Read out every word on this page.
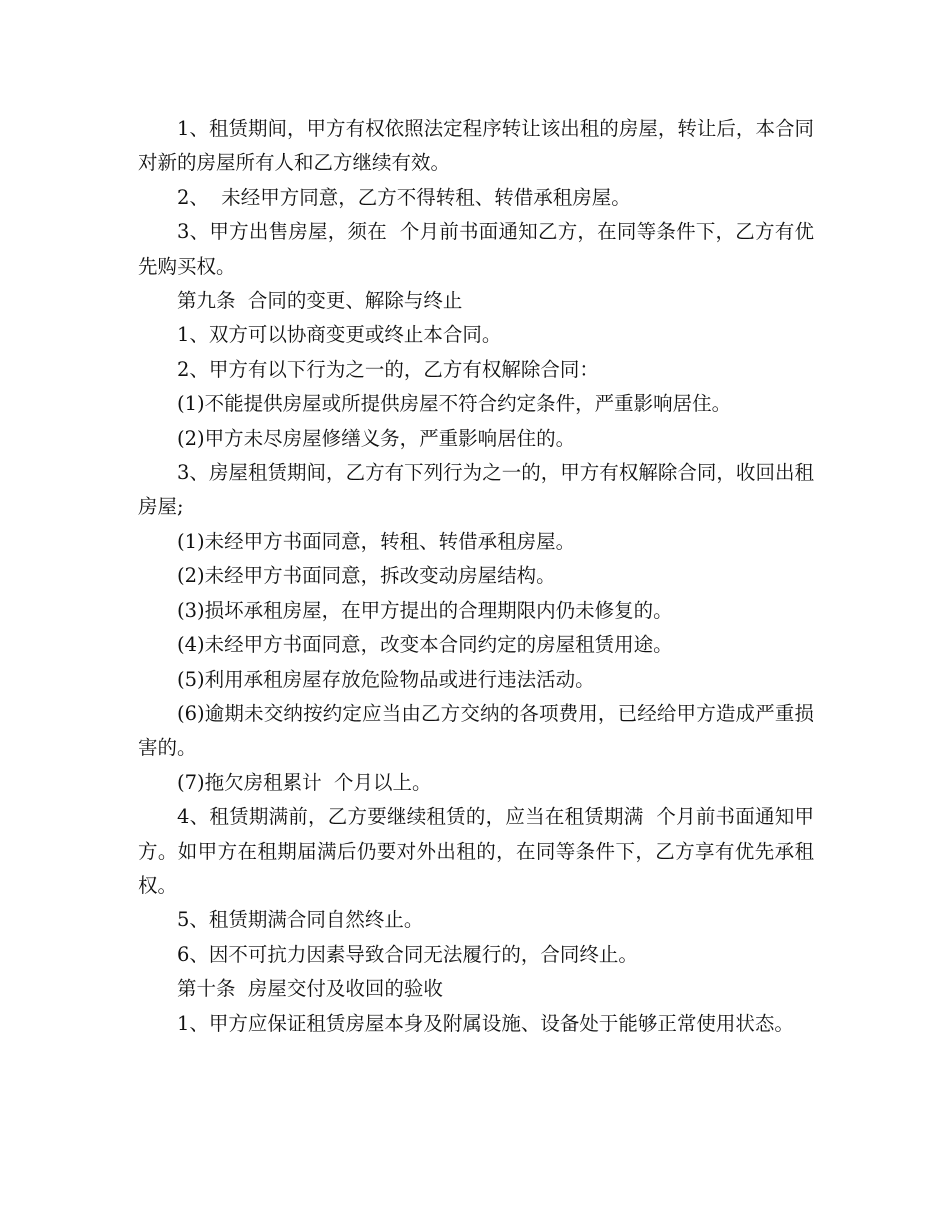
1、租赁期间，甲方有权依照法定程序转让该出租的房屋，转让后，本合同对新的房屋所有人和乙方继续有效。

2、  未经甲方同意，乙方不得转租、转借承租房屋。

3、甲方出售房屋，须在  个月前书面通知乙方，在同等条件下，乙方有优先购买权。

第九条  合同的变更、解除与终止

1、双方可以协商变更或终止本合同。

2、甲方有以下行为之一的，乙方有权解除合同：

(1)不能提供房屋或所提供房屋不符合约定条件，严重影响居住。

(2)甲方未尽房屋修缮义务，严重影响居住的。

3、房屋租赁期间，乙方有下列行为之一的，甲方有权解除合同，收回出租房屋;

(1)未经甲方书面同意，转租、转借承租房屋。

(2)未经甲方书面同意，拆改变动房屋结构。

(3)损坏承租房屋，在甲方提出的合理期限内仍未修复的。

(4)未经甲方书面同意，改变本合同约定的房屋租赁用途。

(5)利用承租房屋存放危险物品或进行违法活动。

(6)逾期未交纳按约定应当由乙方交纳的各项费用，已经给甲方造成严重损害的。

(7)拖欠房租累计  个月以上。

4、租赁期满前，乙方要继续租赁的，应当在租赁期满  个月前书面通知甲方。如甲方在租期届满后仍要对外出租的，在同等条件下，乙方享有优先承租权。

5、租赁期满合同自然终止。

6、因不可抗力因素导致合同无法履行的，合同终止。

第十条  房屋交付及收回的验收

1、甲方应保证租赁房屋本身及附属设施、设备处于能够正常使用状态。
